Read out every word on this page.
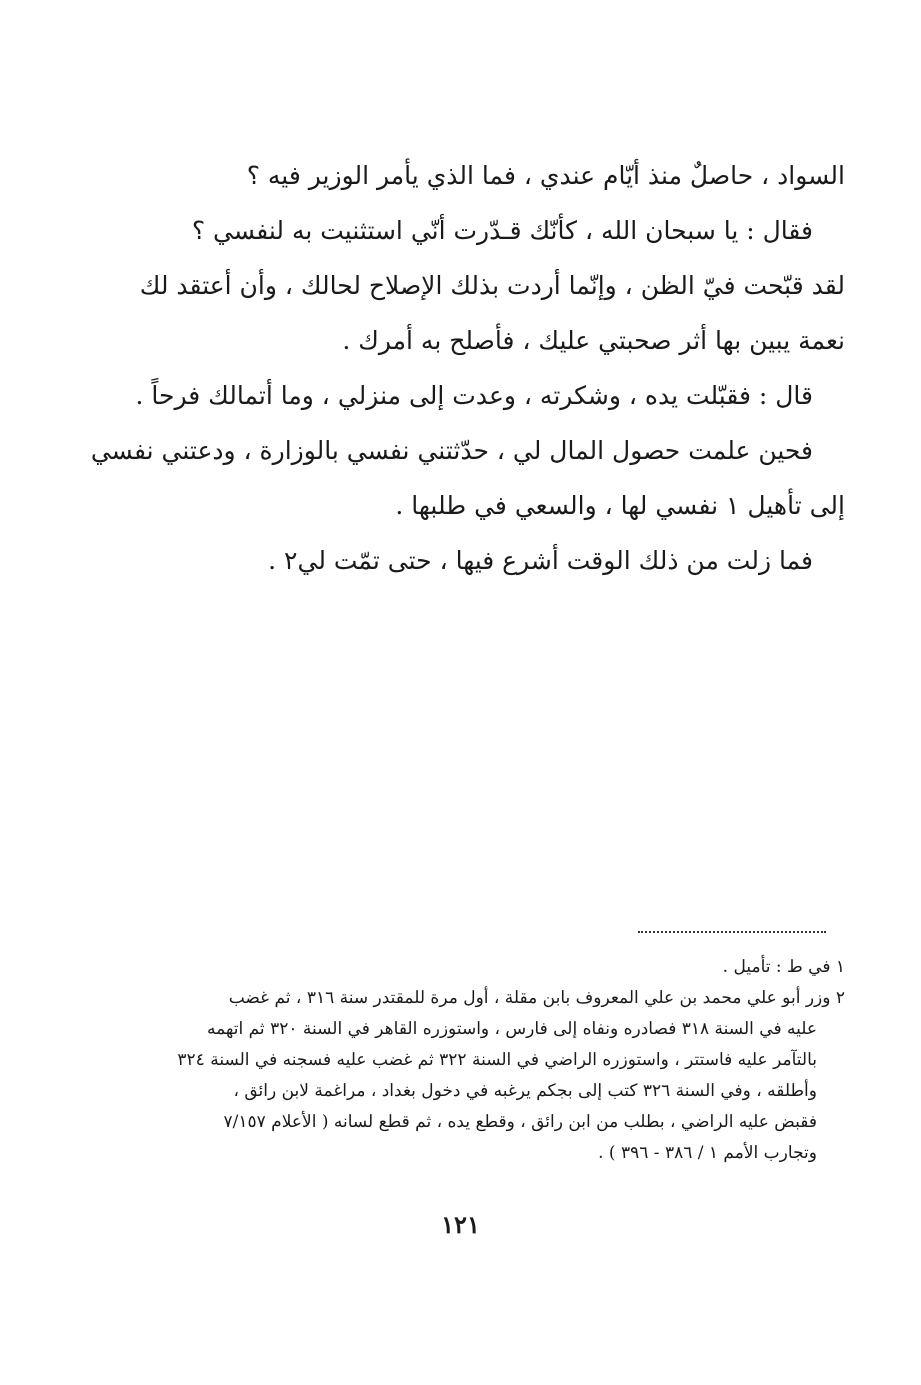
السواد ، حاصلٌ منذ أيّام عندي ، فما الذي يأمر الوزير فيه ؟
فقال : يا سبحان الله ، كأنّك قـدّرت أنّي استثنيت به لنفسي ؟
لقد قبّحت فيّ الظن ، وإنّما أردت بذلك الإصلاح لحالك ، وأن أعتقد لك
نعمة يبين بها أثر صحبتي عليك ، فأصلح به أمرك .
قال : فقبّلت يده ، وشكرته ، وعدت إلى منزلي ، وما أتمالك فرحاً .
فحين علمت حصول المال لي ، حدّثتني نفسي بالوزارة ، ودعتني نفسي
إلى تأهيل ١ نفسي لها ، والسعي في طلبها .
فما زلت من ذلك الوقت أشرع فيها ، حتى تمّت لي٢ .
١ في ط : تأميل .
٢ وزر أبو علي محمد بن علي المعروف بابن مقلة ، أول مرة للمقتدر سنة ٣١٦ ، ثم غضب
عليه في السنة ٣١٨ فصادره ونفاه إلى فارس ، واستوزره القاهر في السنة ٣٢٠ ثم اتهمه
بالتآمر عليه فاستتر ، واستوزره الراضي في السنة ٣٢٢ ثم غضب عليه فسجنه في السنة ٣٢٤
وأطلقه ، وفي السنة ٣٢٦ كتب إلى بجكم يرغبه في دخول بغداد ، مراغمة لابن رائق ،
فقبض عليه الراضي ، بطلب من ابن رائق ، وقطع يده ، ثم قطع لسانه ( الأعلام ٧/١٥٧
وتجارب الأمم ١ / ٣٨٦ - ٣٩٦ ) .
١٢١
